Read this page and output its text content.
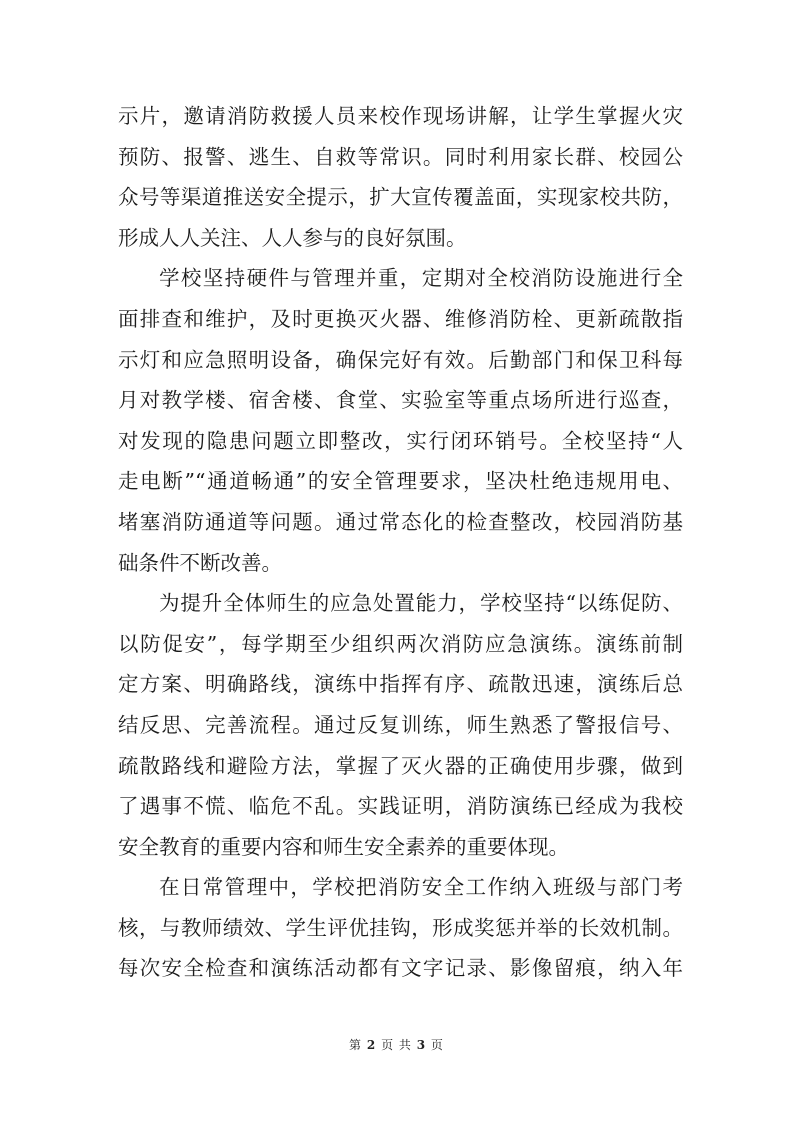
示片，邀请消防救援人员来校作现场讲解，让学生掌握火灾
预防、报警、逃生、自救等常识。同时利用家长群、校园公
众号等渠道推送安全提示，扩大宣传覆盖面，实现家校共防，
形成人人关注、人人参与的良好氛围。
学校坚持硬件与管理并重，定期对全校消防设施进行全
面排查和维护，及时更换灭火器、维修消防栓、更新疏散指
示灯和应急照明设备，确保完好有效。后勤部门和保卫科每
月对教学楼、宿舍楼、食堂、实验室等重点场所进行巡查，
对发现的隐患问题立即整改，实行闭环销号。全校坚持“人
走电断”“通道畅通”的安全管理要求，坚决杜绝违规用电、
堵塞消防通道等问题。通过常态化的检查整改，校园消防基
础条件不断改善。
为提升全体师生的应急处置能力，学校坚持“以练促防、
以防促安”，每学期至少组织两次消防应急演练。演练前制
定方案、明确路线，演练中指挥有序、疏散迅速，演练后总
结反思、完善流程。通过反复训练，师生熟悉了警报信号、
疏散路线和避险方法，掌握了灭火器的正确使用步骤，做到
了遇事不慌、临危不乱。实践证明，消防演练已经成为我校
安全教育的重要内容和师生安全素养的重要体现。
在日常管理中，学校把消防安全工作纳入班级与部门考
核，与教师绩效、学生评优挂钩，形成奖惩并举的长效机制。
每次安全检查和演练活动都有文字记录、影像留痕，纳入年
第 2 页 共 3 页
